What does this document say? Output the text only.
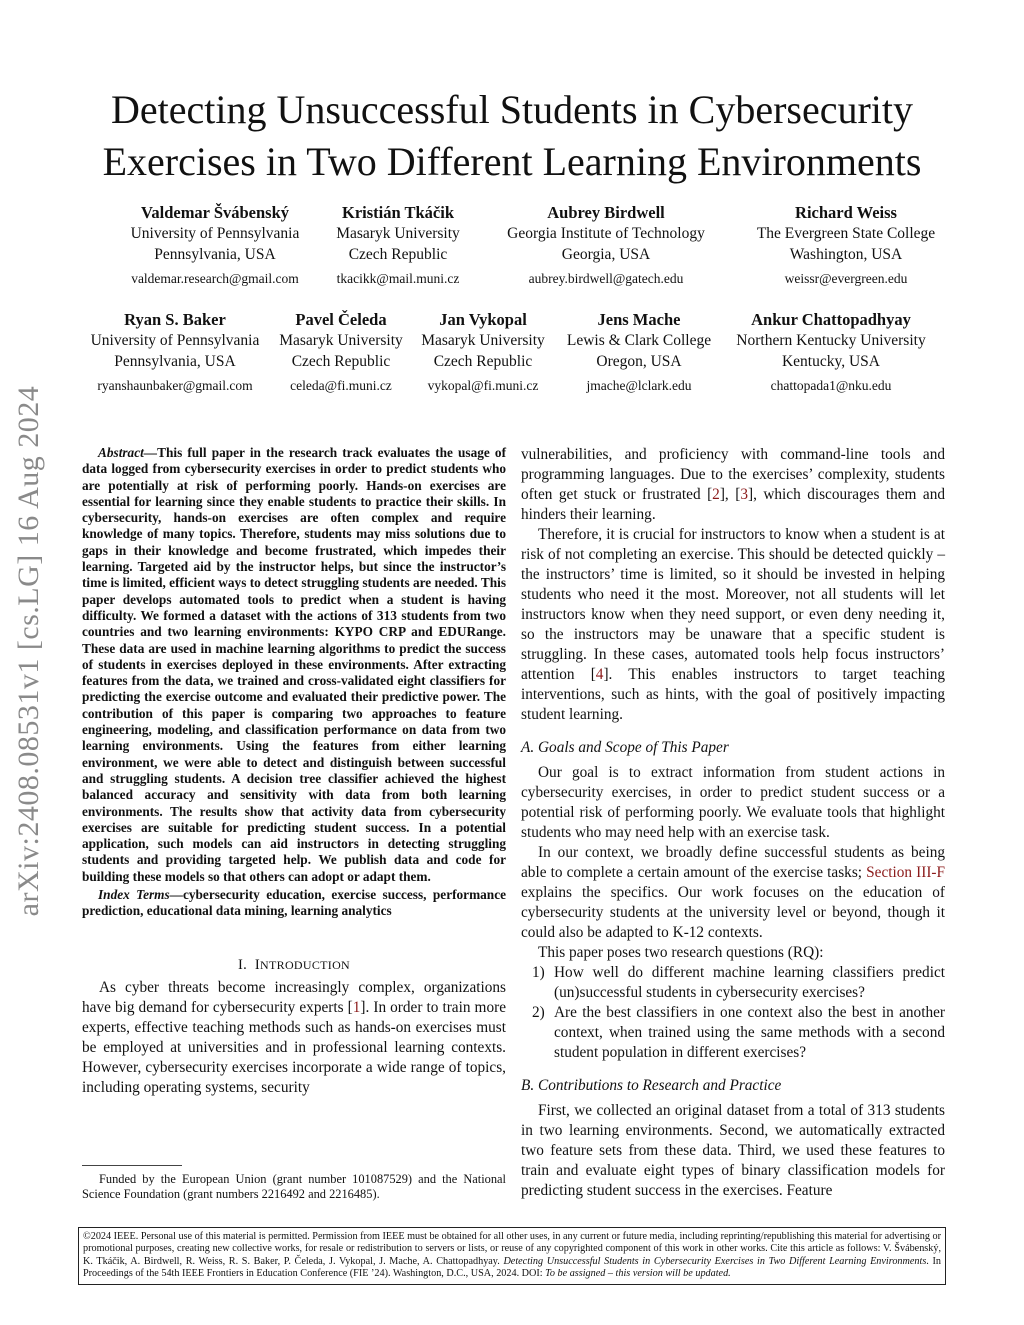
arXiv:2408.08531v1 [cs.LG] 16 Aug 2024
Detecting Unsuccessful Students in Cybersecurity Exercises in Two Different Learning Environments
Valdemar Švábenský
University of Pennsylvania
Pennsylvania, USA
valdemar.research@gmail.com
Kristián Tkáčik
Masaryk University
Czech Republic
tkacikk@mail.muni.cz
Aubrey Birdwell
Georgia Institute of Technology
Georgia, USA
aubrey.birdwell@gatech.edu
Richard Weiss
The Evergreen State College
Washington, USA
weissr@evergreen.edu
Ryan S. Baker
University of Pennsylvania
Pennsylvania, USA
ryanshaunbaker@gmail.com
Pavel Čeleda
Masaryk University
Czech Republic
celeda@fi.muni.cz
Jan Vykopal
Masaryk University
Czech Republic
vykopal@fi.muni.cz
Jens Mache
Lewis & Clark College
Oregon, USA
jmache@lclark.edu
Ankur Chattopadhyay
Northern Kentucky University
Kentucky, USA
chattopada1@nku.edu

Abstract—This full paper in the research track evaluates the usage of data logged from cybersecurity exercises in order to predict students who are potentially at risk of performing poorly. Hands-on exercises are essential for learning since they enable students to practice their skills. In cybersecurity, hands-on exercises are often complex and require knowledge of many topics. Therefore, students may miss solutions due to gaps in their knowledge and become frustrated, which impedes their learning. Targeted aid by the instructor helps, but since the instructor’s time is limited, efficient ways to detect struggling students are needed. This paper develops automated tools to predict when a student is having difficulty. We formed a dataset with the actions of 313 students from two countries and two learning environments: KYPO CRP and EDURange. These data are used in machine learning algorithms to predict the success of students in exercises deployed in these environments. After extracting features from the data, we trained and cross-validated eight classifiers for predicting the exercise outcome and evaluated their predictive power. The contribution of this paper is comparing two approaches to feature engineering, modeling, and classification performance on data from two learning environments. Using the features from either learning environment, we were able to detect and distinguish between successful and struggling students. A decision tree classifier achieved the highest balanced accuracy and sensitivity with data from both learning environments. The results show that activity data from cybersecurity exercises are suitable for predicting student success. In a potential application, such models can aid instructors in detecting struggling students and providing targeted help. We publish data and code for building these models so that others can adopt or adapt them.

Index Terms—cybersecurity education, exercise success, performance prediction, educational data mining, learning analytics

I. INTRODUCTION

As cyber threats become increasingly complex, organizations have big demand for cybersecurity experts [1]. In order to train more experts, effective teaching methods such as hands-on exercises must be employed at universities and in professional learning contexts. However, cybersecurity exercises incorporate a wide range of topics, including operating systems, security

Funded by the European Union (grant number 101087529) and the National Science Foundation (grant numbers 2216492 and 2216485).

vulnerabilities, and proficiency with command-line tools and programming languages. Due to the exercises’ complexity, students often get stuck or frustrated [2], [3], which discourages them and hinders their learning.

Therefore, it is crucial for instructors to know when a student is at risk of not completing an exercise. This should be detected quickly – the instructors’ time is limited, so it should be invested in helping students who need it the most. Moreover, not all students will let instructors know when they need support, or even deny needing it, so the instructors may be unaware that a specific student is struggling. In these cases, automated tools help focus instructors’ attention [4]. This enables instructors to target teaching interventions, such as hints, with the goal of positively impacting student learning.

A. Goals and Scope of This Paper

Our goal is to extract information from student actions in cybersecurity exercises, in order to predict student success or a potential risk of performing poorly. We evaluate tools that highlight students who may need help with an exercise task.

In our context, we broadly define successful students as being able to complete a certain amount of the exercise tasks; Section III-F explains the specifics. Our work focuses on the education of cybersecurity students at the university level or beyond, though it could also be adapted to K-12 contexts.

This paper poses two research questions (RQ):

1) How well do different machine learning classifiers predict (un)successful students in cybersecurity exercises?
2) Are the best classifiers in one context also the best in another context, when trained using the same methods with a second student population in different exercises?
B. Contributions to Research and Practice

First, we collected an original dataset from a total of 313 students in two learning environments. Second, we automatically extracted two feature sets from these data. Third, we used these features to train and evaluate eight types of binary classification models for predicting student success in the exercises. Feature

©2024 IEEE. Personal use of this material is permitted. Permission from IEEE must be obtained for all other uses, in any current or future media, including reprinting/republishing this material for advertising or promotional purposes, creating new collective works, for resale or redistribution to servers or lists, or reuse of any copyrighted component of this work in other works. Cite this article as follows: V. Švábenský, K. Tkáčik, A. Birdwell, R. Weiss, R. S. Baker, P. Čeleda, J. Vykopal, J. Mache, A. Chattopadhyay. Detecting Unsuccessful Students in Cybersecurity Exercises in Two Different Learning Environments. In Proceedings of the 54th IEEE Frontiers in Education Conference (FIE ’24). Washington, D.C., USA, 2024. DOI: To be assigned – this version will be updated.
